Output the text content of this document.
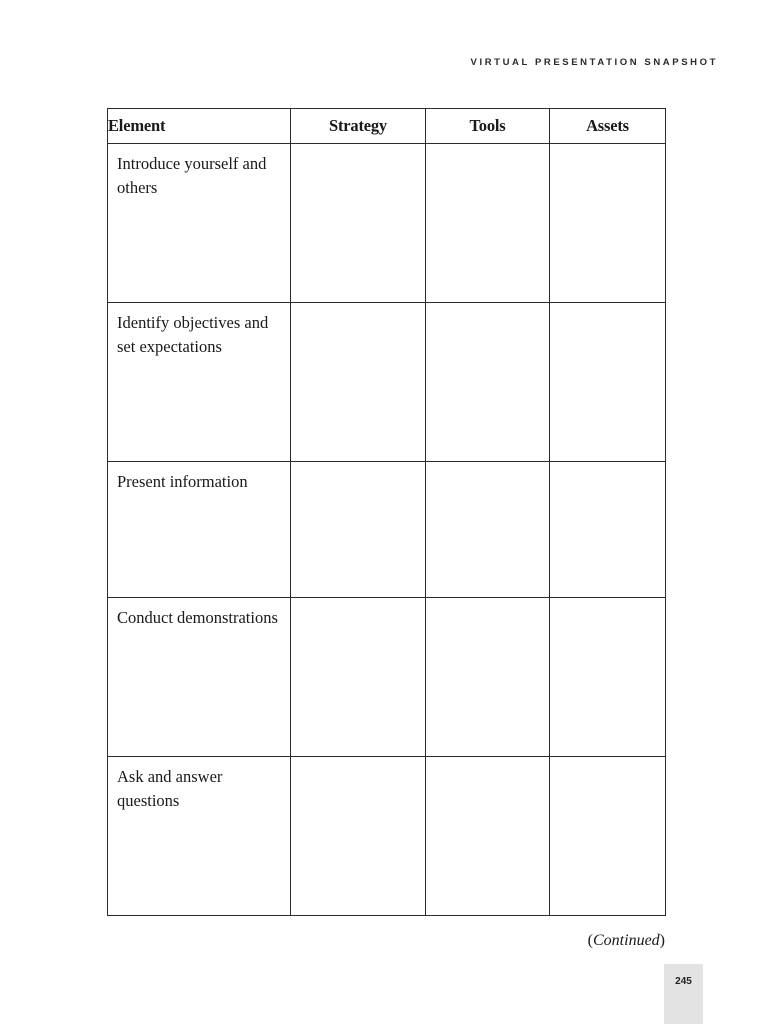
VIRTUAL PRESENTATION SNAPSHOT
Element	Strategy	Tools	Assets
Introduce yourself and others			
Identify objectives and set expectations			
Present information			
Conduct demonstrations			
Ask and answer questions			
(Continued)
245
